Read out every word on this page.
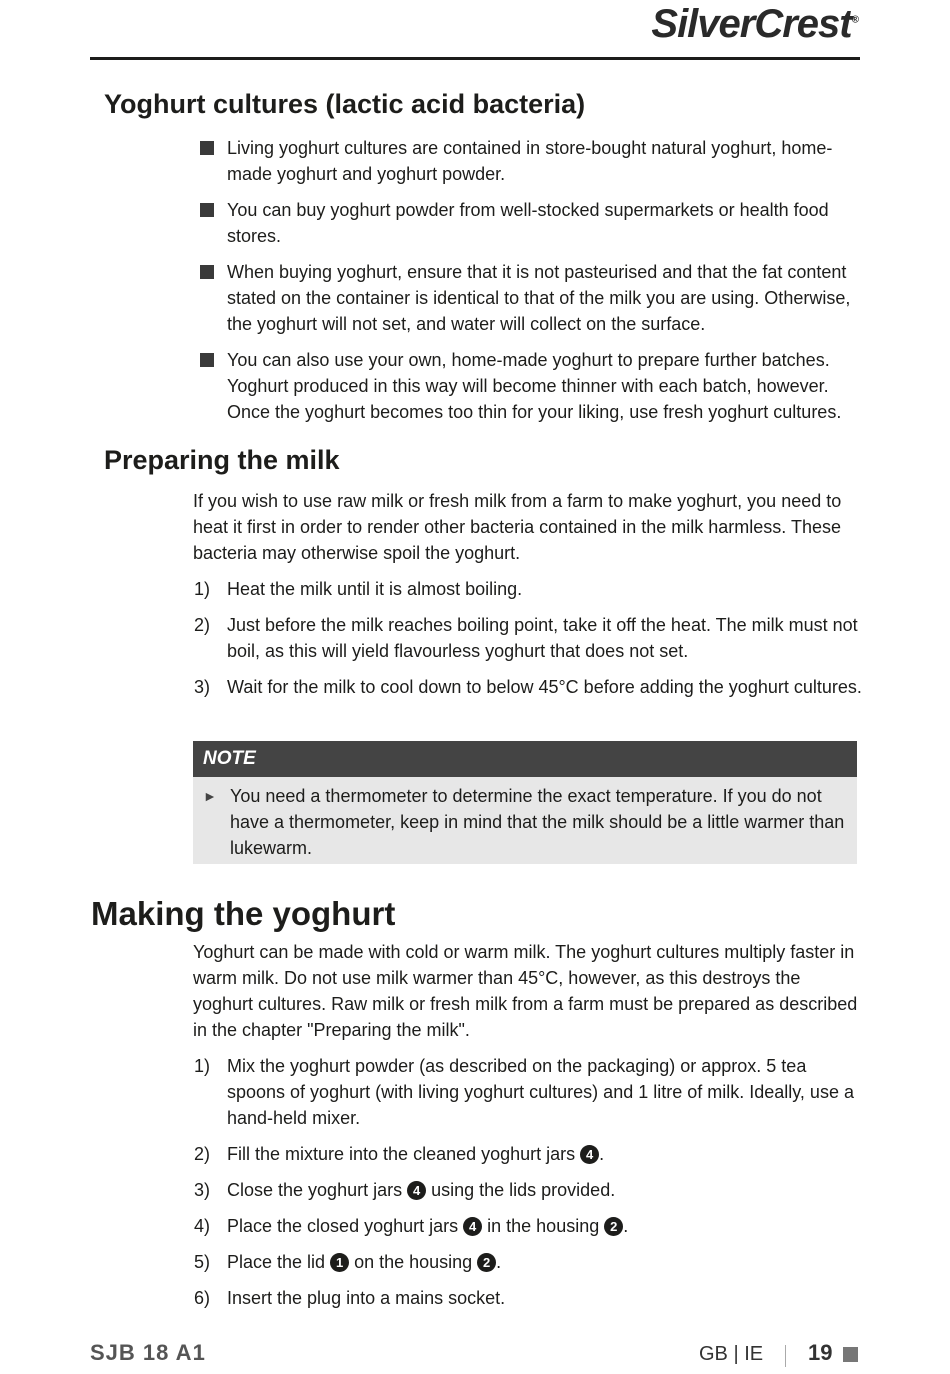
SilverCrest®
Yoghurt cultures (lactic acid bacteria)
Living yoghurt cultures are contained in store-bought natural yoghurt, home-made yoghurt and yoghurt powder.
You can buy yoghurt powder from well-stocked supermarkets or health food stores.
When buying yoghurt, ensure that it is not pasteurised and that the fat content stated on the container is identical to that of the milk you are using. Otherwise, the yoghurt will not set, and water will collect on the surface.
You can also use your own, home-made yoghurt to prepare further batches. Yoghurt produced in this way will become thinner with each batch, however. Once the yoghurt becomes too thin for your liking, use fresh yoghurt cultures.
Preparing the milk

If you wish to use raw milk or fresh milk from a farm to make yoghurt, you need to heat it first in order to render other bacteria contained in the milk harmless. These bacteria may otherwise spoil the yoghurt.

1) Heat the milk until it is almost boiling.
2) Just before the milk reaches boiling point, take it off the heat. The milk must not boil, as this will yield flavourless yoghurt that does not set.
3) Wait for the milk to cool down to below 45°C before adding the yoghurt cultures.
NOTE
► You need a thermometer to determine the exact temperature. If you do not have a thermometer, keep in mind that the milk should be a little warmer than lukewarm.
Making the yoghurt

Yoghurt can be made with cold or warm milk. The yoghurt cultures multiply faster in warm milk. Do not use milk warmer than 45°C, however, as this destroys the yoghurt cultures. Raw milk or fresh milk from a farm must be prepared as described in the chapter "Preparing the milk".

1) Mix the yoghurt powder (as described on the packaging) or approx. 5 tea spoons of yoghurt (with living yoghurt cultures) and 1 litre of milk. Ideally, use a hand-held mixer.
2) Fill the mixture into the cleaned yoghurt jars 4 .
3) Close the yoghurt jars 4 using the lids provided.
4) Place the closed yoghurt jars 4 in the housing 2 .
5) Place the lid 1 on the housing 2 .
6) Insert the plug into a mains socket.
SJB 18 A1	GB | IE 19
